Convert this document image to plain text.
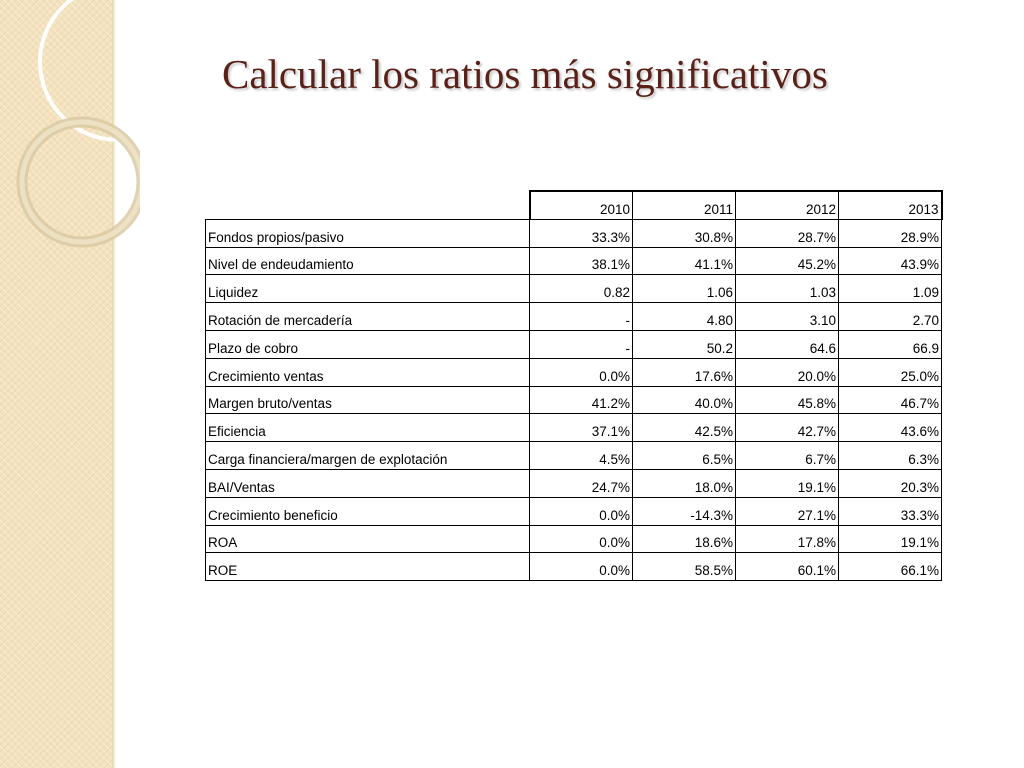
Calcular los ratios más significativos
	2010	2011	2012	2013
Fondos propios/pasivo	33.3%	30.8%	28.7%	28.9%
Nivel de endeudamiento	38.1%	41.1%	45.2%	43.9%
Liquidez	0.82	1.06	1.03	1.09
Rotación de mercadería	-	4.80	3.10	2.70
Plazo de cobro	-	50.2	64.6	66.9
Crecimiento ventas	0.0%	17.6%	20.0%	25.0%
Margen bruto/ventas	41.2%	40.0%	45.8%	46.7%
Eficiencia	37.1%	42.5%	42.7%	43.6%
Carga financiera/margen de explotación	4.5%	6.5%	6.7%	6.3%
BAI/Ventas	24.7%	18.0%	19.1%	20.3%
Crecimiento beneficio	0.0%	-14.3%	27.1%	33.3%
ROA	0.0%	18.6%	17.8%	19.1%
ROE	0.0%	58.5%	60.1%	66.1%
